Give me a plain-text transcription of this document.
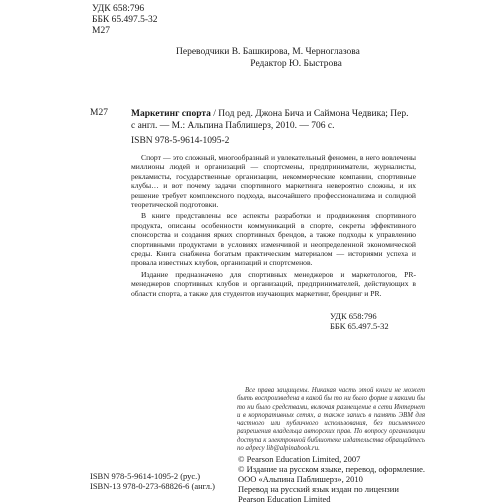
УДК 658:796
ББК 65.497.5-32
М27
Переводчики В. Башкирова, М. Черноглазова
Редактор Ю. Быстрова
М27 Маркетинг спорта / Под ред. Джона Бича и Саймона Чедвика; Пер. с англ. — М.: Альпина Паблишерз, 2010. — 706 с.
ISBN 978-5-9614-1095-2

Спорт — это сложный, многообразный и увлекательный феномен, в него вовлечены миллионы людей и организаций — спортсмены, предприниматели, журналисты, рекламисты, государственные организации, некоммерческие компании, спортивные клубы… и вот почему задачи спортивного маркетинга невероятно сложны, и их решение требует комплексного подхода, высочайшего профессионализма и солидной теоретической подготовки.

В книге представлены все аспекты разработки и продвижения спортивного продукта, описаны особенности коммуникаций в спорте, секреты эффективного спонсорства и создания ярких спортивных брендов, а также подходы к управлению спортивными продуктами в условиях изменчивой и неопределенной экономической среды. Книга снабжена богатым практическим материалом — историями успеха и провала известных клубов, организаций и спортсменов.

Издание предназначено для спортивных менеджеров и маркетологов, PR-менеджеров спортивных клубов и организаций, предпринимателей, действующих в области спорта, а также для студентов изучающих маркетинг, брендинг и PR.

УДК 658:796
ББК 65.497.5-32

Все права защищены. Никакая часть этой книги не может быть воспроизведена в какой бы то ни было форме и какими бы то ни было средствами, включая размещение в сети Интернет и в корпоративных сетях, а также запись в память ЭВМ для частного или публичного использования, без письменного разрешения владельца авторских прав. По вопросу организации доступа к электронной библиотеке издательства обращайтесь по адресу lib@alpinabook.ru.

ISBN 978-5-9614-1095-2 (рус.)
ISBN-13 978-0-273-68826-6 (англ.)
© Pearson Education Limited, 2007
© Издание на русском языке, перевод, оформление.
ООО «Альпина Паблишерз», 2010
Перевод на русский язык издан по лицензии
Pearson Education Limited
